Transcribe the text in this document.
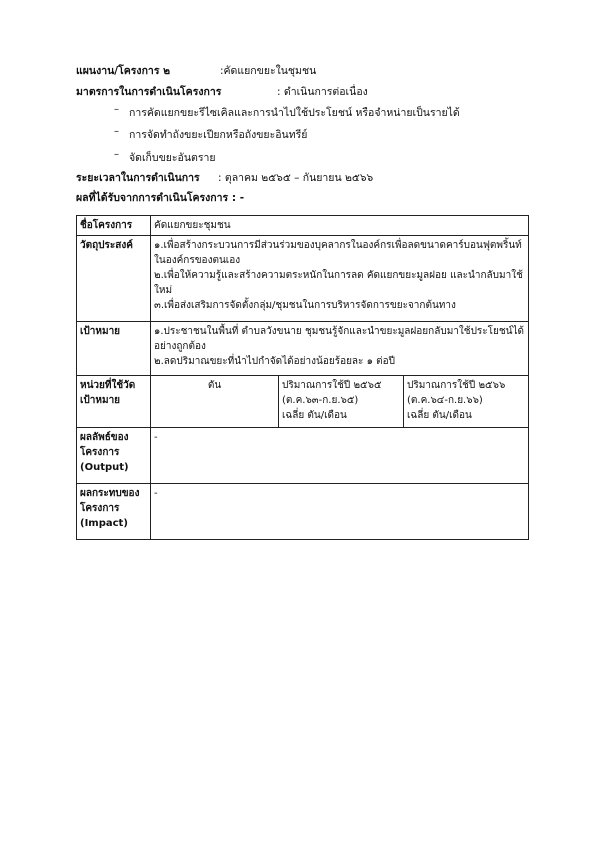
แผนงาน/โครงการ ๒	:คัดแยกขยะในชุมชน
มาตรการในการดำเนินโครงการ	: ดำเนินการต่อเนื่อง
– การคัดแยกขยะรีไซเคิลและการนำไปใช้ประโยชน์ หรือจำหน่ายเป็นรายได้
– การจัดทำถังขยะเปียกหรือถังขยะอินทรีย์
– จัดเก็บขยะอันตราย
ระยะเวลาในการดำเนินการ : ตุลาคม ๒๕๖๕ – กันยายน ๒๕๖๖
ผลที่ได้รับจากการดำเนินโครงการ : -
ชื่อโครงการ	คัดแยกขยะชุมชน		
วัตถุประสงค์	๑.เพื่อสร้างกระบวนการมีส่วนร่วมของบุคลากรในองค์กรเพื่อลดขนาดคาร์บอนฟุตพริ้นท์ในองค์กรของตนเอง
๒.เพื่อให้ความรู้และสร้างความตระหนักในการลด คัดแยกขยะมูลฝอย และนำกลับมาใช้ใหม่
๓.เพื่อส่งเสริมการจัดตั้งกลุ่ม/ชุมชนในการบริหารจัดการขยะจากต้นทาง		

เป้าหมาย	๑.ประชาชนในพื้นที่ ตำบลวังขนาย ชุมชนรู้จักและนำขยะมูลฝอยกลับมาใช้ประโยชน์ได้อย่างถูกต้อง
๒.ลดปริมาณขยะที่นำไปกำจัดได้อย่างน้อยร้อยละ ๑ ต่อปี		

หน่วยที่ใช้วัด เป้าหมาย	ตัน	ปริมาณการใช้ปี ๒๕๖๕
(ต.ค.๖๓-ก.ย.๖๕)
เฉลี่ย ตัน/เดือน	ปริมาณการใช้ปี ๒๕๖๖
(ต.ค.๖๔-ก.ย.๖๖)
เฉลี่ย ตัน/เดือน

ผลลัพธ์ของ โครงการ (Output)	-		
ผลกระทบของ โครงการ (Impact)	-		
